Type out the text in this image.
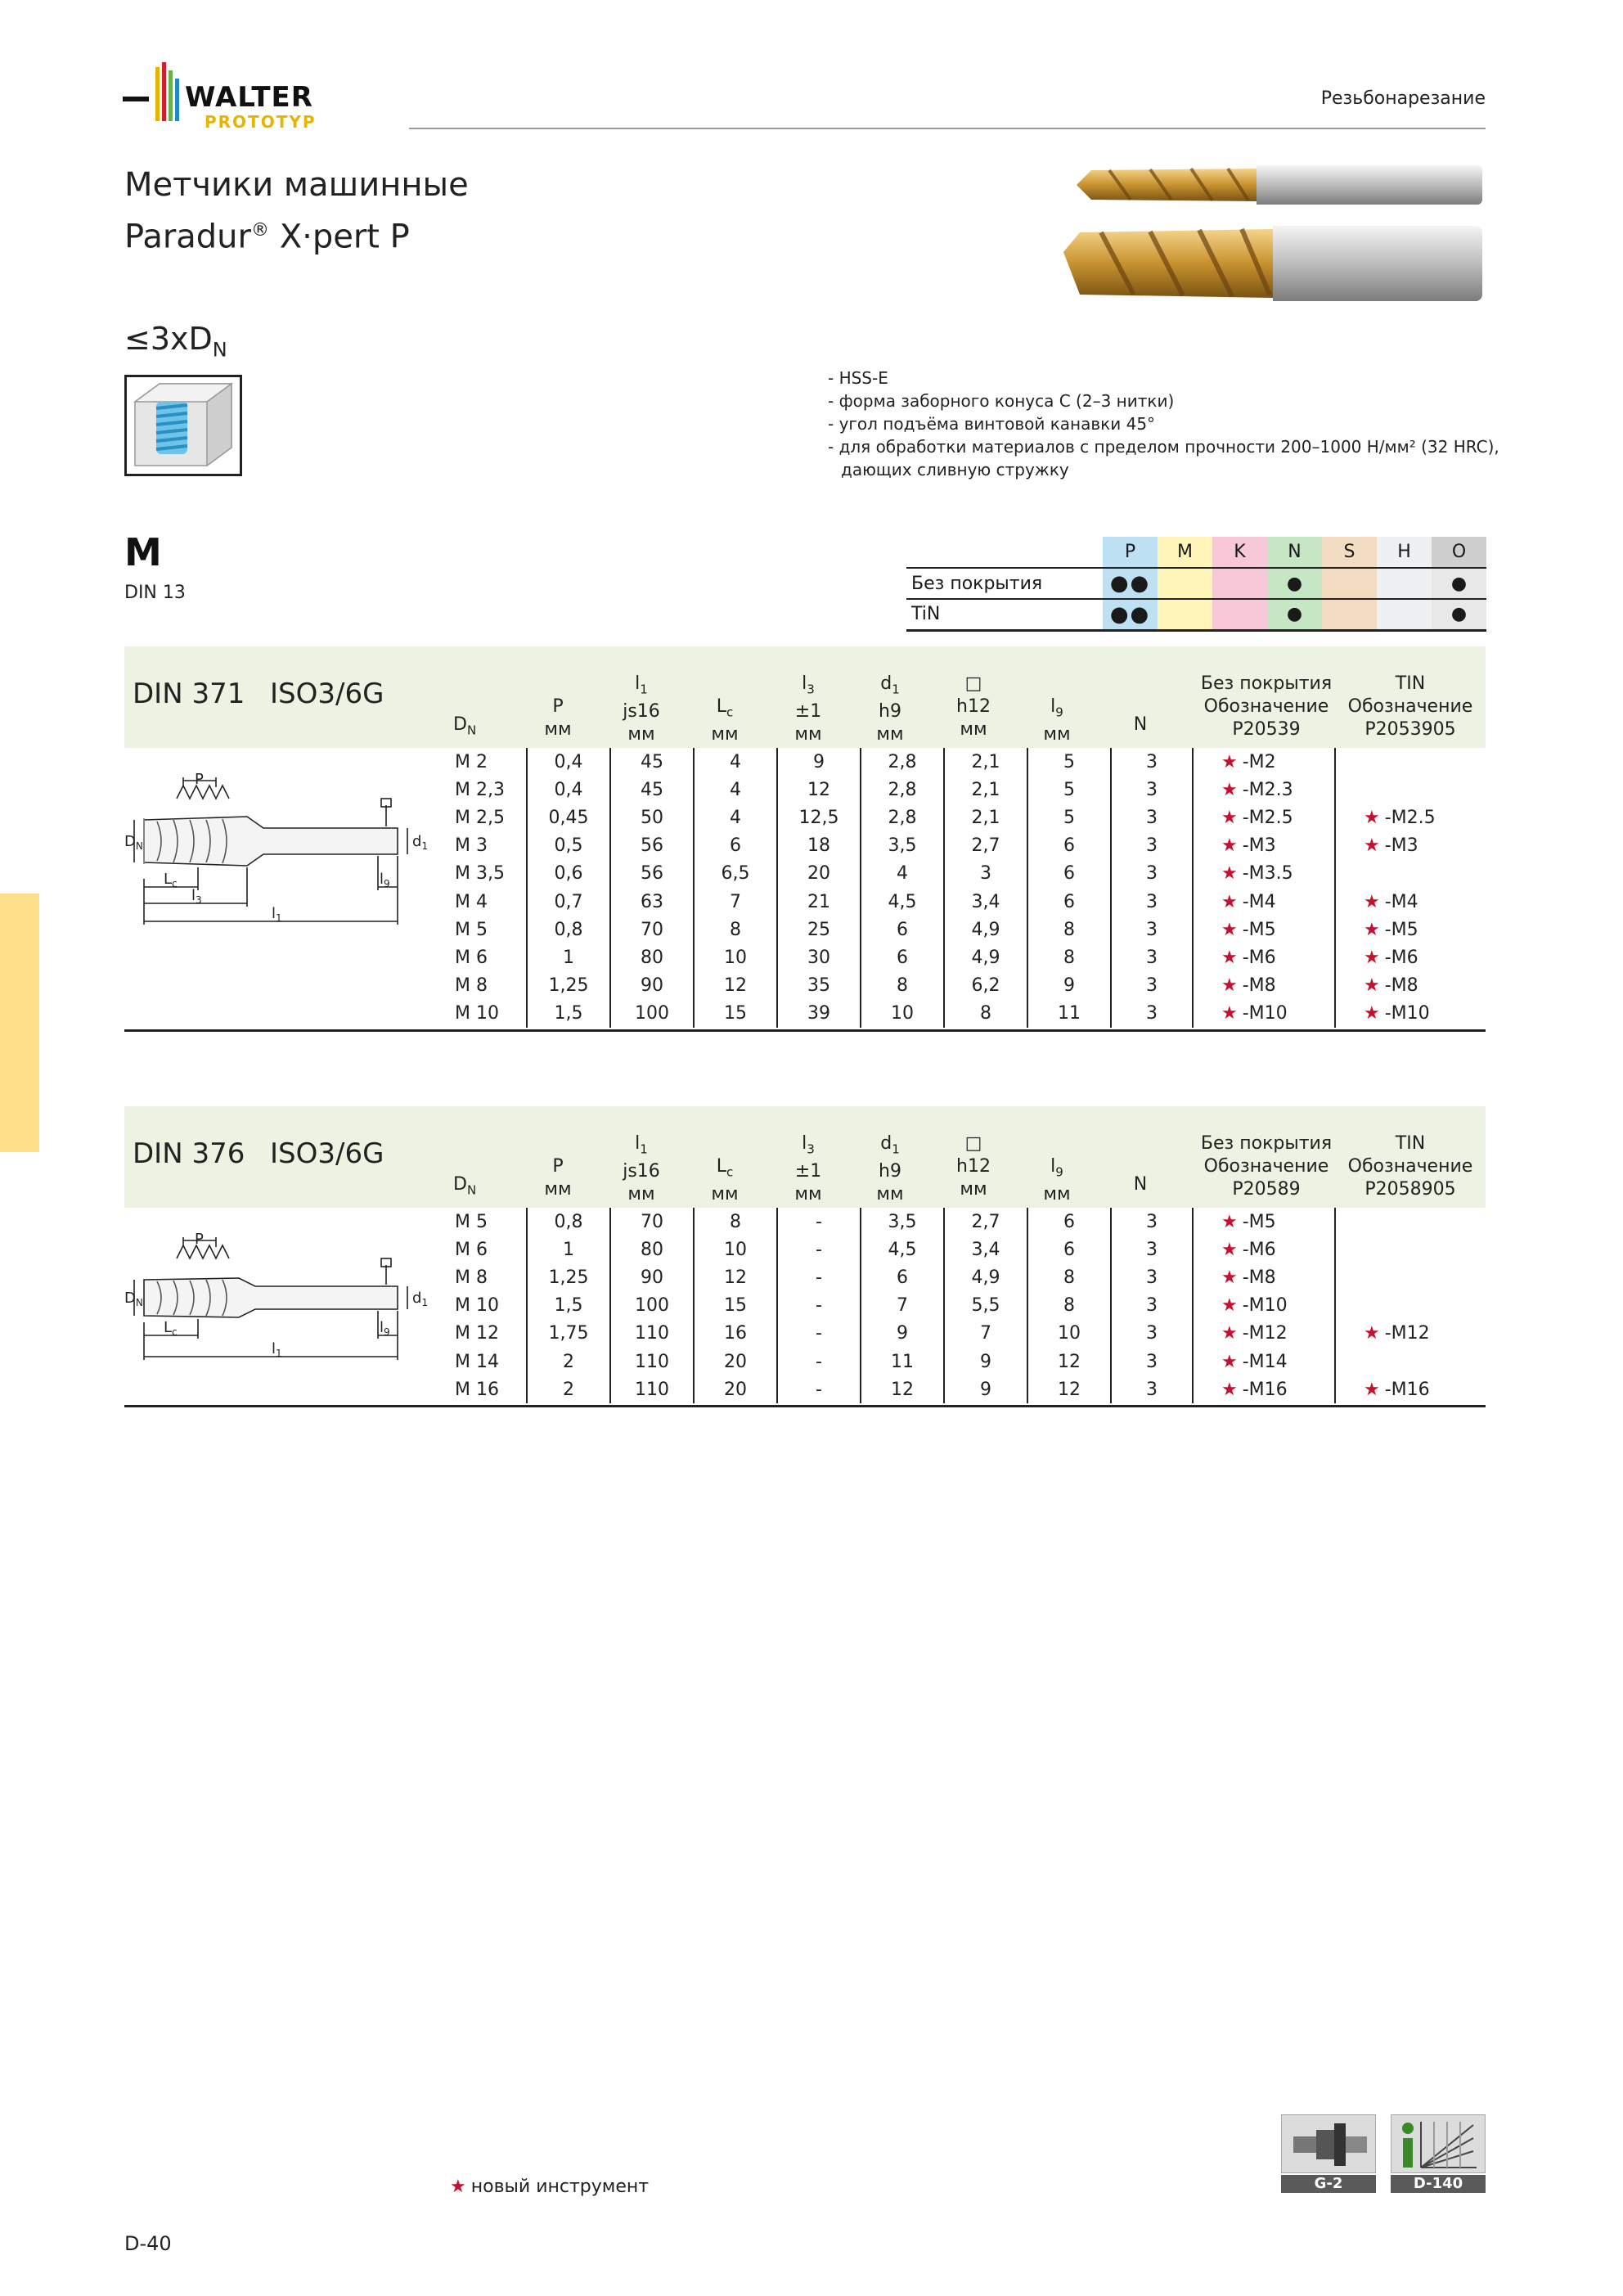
WALTER
PROTOTYP
Резьбонарезание
Метчики машинные
Paradur® X·pert P
$\le 3xD_N$
- HSS-E
- форма заборного конуса C (2–3 нитки)
- угол подъёма винтовой канавки 45°
- для обработки материалов с пределом прочности 200–1000 Н/мм² (32 HRC),
дающих сливную стружку
M
DIN 13
	P	M	K	N	S	H	O
Без покрытия	●●			●			●
TiN	●●			●			●
DIN 371 ISO3/6G
$D_N$
P
мм
$l_1$
js16
мм
$L_c$
мм
$l_3$
±1
мм
$d_1$
h9
мм
□
h12
мм
$l_9$
мм	N
Без покрытия
Обозначение
P20539
TIN
Обозначение
P2053905
P
$D_N$	$d_1$
$L_c$
$l_3$
$l_9$
$l_1$
M 2	0,4	45	4	9	2,8	2,1	5	3	★ -M2	
M 2,3	0,4	45	4	12	2,8	2,1	5	3	★ -M2.3	
M 2,5	0,45	50	4	12,5	2,8	2,1	5	3	★ -M2.5	★ -M2.5
M 3	0,5	56	6	18	3,5	2,7	6	3	★ -M3	★ -M3
M 3,5	0,6	56	6,5	20	4	3	6	3	★ -M3.5	
M 4	0,7	63	7	21	4,5	3,4	6	3	★ -M4	★ -M4
M 5	0,8	70	8	25	6	4,9	8	3	★ -M5	★ -M5
M 6	1	80	10	30	6	4,9	8	3	★ -M6	★ -M6
M 8	1,25	90	12	35	8	6,2	9	3	★ -M8	★ -M8
M 10	1,5	100	15	39	10	8	11	3	★ -M10	★ -M10
DIN 376 ISO3/6G
$D_N$
P
мм
$l_1$
js16
мм
$L_c$
мм
$l_3$
±1
мм
$d_1$
h9
мм
□
h12
мм
$l_9$
мм	N
Без покрытия
Обозначение
P20589
TIN
Обозначение
P2058905
P
$D_N$	$d_1$
$L_c$	$l_9$
$l_1$
M 5	0,8	70	8	-	3,5	2,7	6	3	★ -M5	
M 6	1	80	10	-	4,5	3,4	6	3	★ -M6	
M 8	1,25	90	12	-	6	4,9	8	3	★ -M8	
M 10	1,5	100	15	-	7	5,5	8	3	★ -M10	
M 12	1,75	110	16	-	9	7	10	3	★ -M12	★ -M12
M 14	2	110	20	-	11	9	12	3	★ -M14	
M 16	2	110	20	-	12	9	12	3	★ -M16	★ -M16
★ новый инструмент	G-2	D-140
D-40
